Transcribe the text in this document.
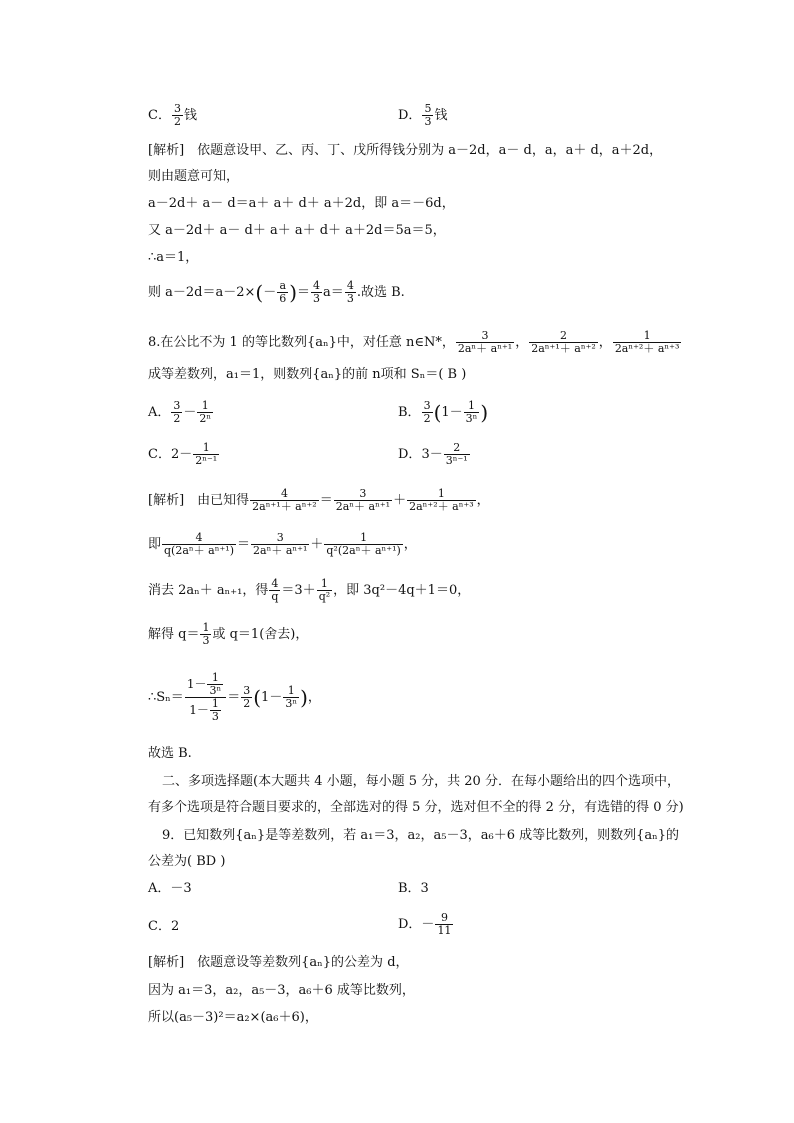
C． $\frac{3}{2}$ 钱	D． $\frac{5}{3}$ 钱
[解析]　依题意设甲、乙、丙、丁、戊所得钱分别为 a－2d，a－ d，a，a＋ d，a＋2d，
则由题意可知，
a－2d＋ a－ d＝a＋ a＋ d＋ a＋2d，即 a＝－6d，
又 a－2d＋ a－ d＋ a＋ a＋ d＋ a＋2d＝5a＝5，
∴a＝1，
则 $a-2d=a-2\times(- \frac{a}{6}$ )＝ $\frac{4}{3} a= \frac{4}{3}$ .故选 B.
8.在公比不为 1 的等比数列{aₙ}中，对任意 n∈N*， $\frac{3}{\text{2aⁿ＋ aⁿ⁺¹}}$ ， $\frac{2}{\text{2aⁿ⁺¹＋ aⁿ⁺²}}$ ， $\frac{1}{\text{2aⁿ⁺²＋ aⁿ⁺³}}$
成等差数列，a₁＝1，则数列{aₙ}的前 n项和 Sₙ＝( B )
A． $\frac{3}{2} - \frac{1}{\text{2ⁿ}}$	B． $\frac{3}{2} (1- \frac{1}{\text{3ⁿ}}$ )
C．$2- \frac{1}{\text{2ⁿ⁻¹}}$	D．$3- \frac{2}{\text{3ⁿ⁻¹}}$
[解析]　由已知得 $\frac{4}{\text{2aⁿ⁺¹＋ aⁿ⁺²}} = \frac{3}{\text{2aⁿ＋ aⁿ⁺¹}} + \frac{1}{\text{2aⁿ⁺²＋ aⁿ⁺³}}$ ，
即 $\frac{4}{\text{q(2aⁿ＋ aⁿ⁺¹)}} = \frac{3}{\text{2aⁿ＋ aⁿ⁺¹}} + \frac{1}{\text{q²(2aⁿ＋ aⁿ⁺¹)}}$ ，
消去 2aₙ＋ aₙ₊₁，得 $\frac{4}{q} =3+ \frac{1}{\text{q²}}$ ，即 3q²－4q＋1＝0，
解得 $q= \frac{1}{3}$ 或 q＝1(舍去)，
∴Sₙ＝ $\frac{1- \frac{1}{\text{3ⁿ}}}{1- \frac{1}{3}} = \frac{3}{2} (1- \frac{1}{\text{3ⁿ}}$ )，
故选 B.
二、多项选择题(本大题共 4 小题，每小题 5 分，共 20 分．在每小题给出的四个选项中，
有多个选项是符合题目要求的，全部选对的得 5 分，选对但不全的得 2 分，有选错的得 0 分)
9．已知数列{aₙ}是等差数列，若 a₁＝3，a₂，a₅－3，a₆＋6 成等比数列，则数列{aₙ}的
公差为( BD )
A．－3	B．3
C．2	D．－ $\frac{9}{11}$
[解析]　依题意设等差数列{aₙ}的公差为 d，
因为 a₁＝3，a₂，a₅－3，a₆＋6 成等比数列，
所以(a₅－3)²＝a₂×(a₆＋6)，
